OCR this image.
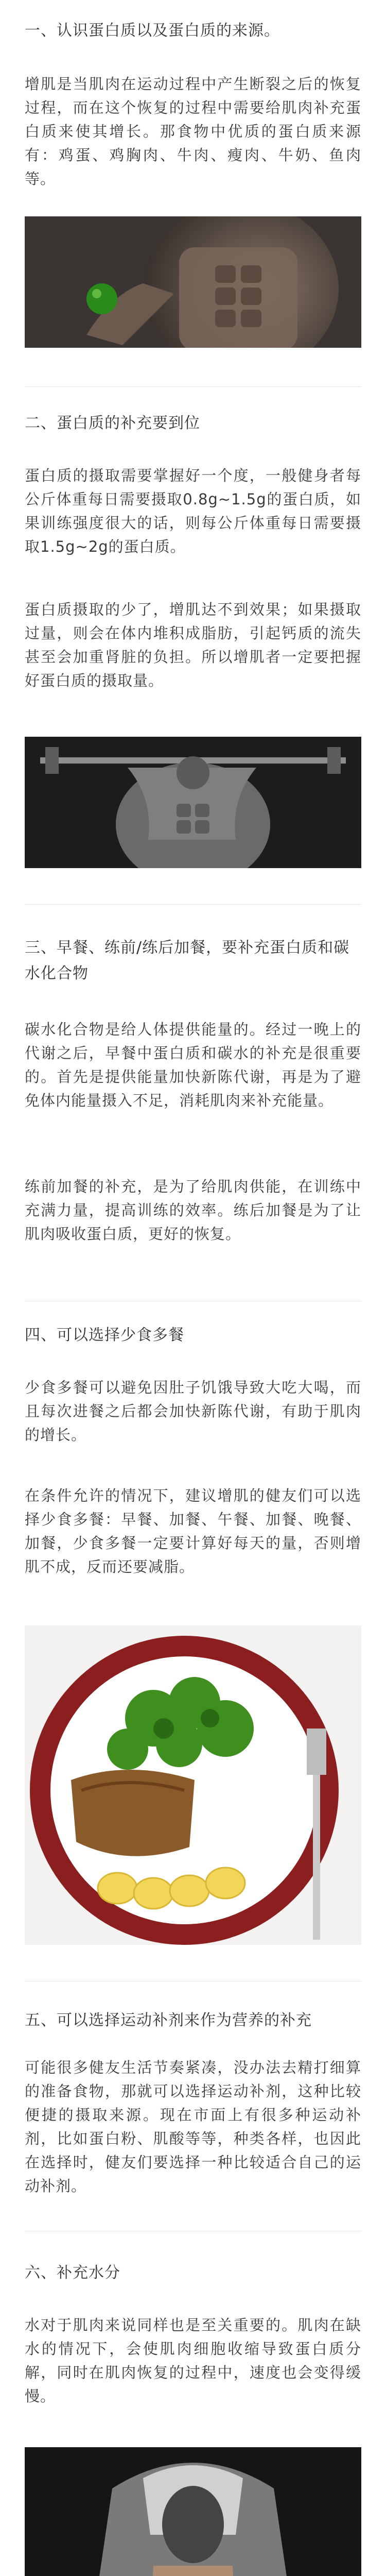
一、认识蛋白质以及蛋白质的来源。
增肌是当肌肉在运动过程中产生断裂之后的恢复过程，而在这个恢复的过程中需要给肌肉补充蛋白质来使其增长。那食物中优质的蛋白质来源有：鸡蛋、鸡胸肉、牛肉、瘦肉、牛奶、鱼肉等。
二、蛋白质的补充要到位
蛋白质的摄取需要掌握好一个度，一般健身者每公斤体重每日需要摄取0.8g~1.5g的蛋白质，如果训练强度很大的话，则每公斤体重每日需要摄取1.5g~2g的蛋白质。
蛋白质摄取的少了，增肌达不到效果；如果摄取过量，则会在体内堆积成脂肪，引起钙质的流失甚至会加重肾脏的负担。所以增肌者一定要把握好蛋白质的摄取量。
三、早餐、练前/练后加餐，要补充蛋白质和碳水化合物
碳水化合物是给人体提供能量的。经过一晚上的代谢之后，早餐中蛋白质和碳水的补充是很重要的。首先是提供能量加快新陈代谢，再是为了避免体内能量摄入不足，消耗肌肉来补充能量。
练前加餐的补充，是为了给肌肉供能，在训练中充满力量，提高训练的效率。练后加餐是为了让肌肉吸收蛋白质，更好的恢复。
四、可以选择少食多餐
少食多餐可以避免因肚子饥饿导致大吃大喝，而且每次进餐之后都会加快新陈代谢，有助于肌肉的增长。
在条件允许的情况下，建议增肌的健友们可以选择少食多餐：早餐、加餐、午餐、加餐、晚餐、加餐，少食多餐一定要计算好每天的量，否则增肌不成，反而还要减脂。
五、可以选择运动补剂来作为营养的补充
可能很多健友生活节奏紧凑，没办法去精打细算的准备食物，那就可以选择运动补剂，这种比较便捷的摄取来源。现在市面上有很多种运动补剂，比如蛋白粉、肌酸等等，种类各样，也因此在选择时，健友们要选择一种比较适合自己的运动补剂。
六、补充水分
水对于肌肉来说同样也是至关重要的。肌肉在缺水的情况下，会使肌肉细胞收缩导致蛋白质分解，同时在肌肉恢复的过程中，速度也会变得缓慢。
